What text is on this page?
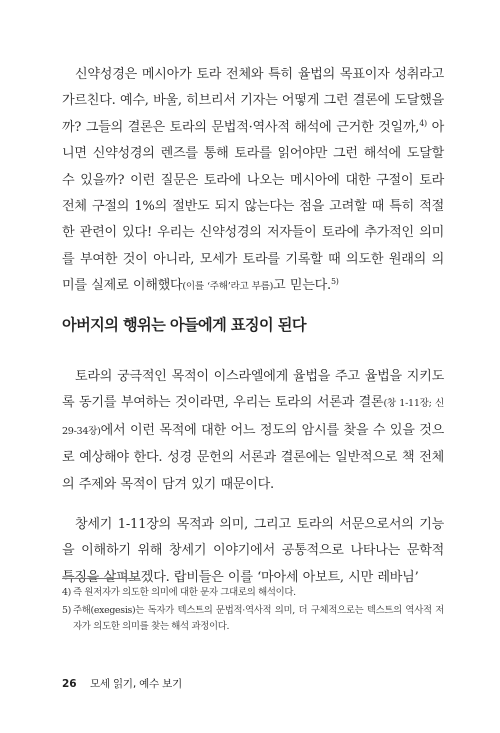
신약성경은 메시아가 토라 전체와 특히 율법의 목표이자 성취라고 가르친다. 예수, 바울, 히브리서 기자는 어떻게 그런 결론에 도달했을까? 그들의 결론은 토라의 문법적·역사적 해석에 근거한 것일까,$^{4)}$ 아니면 신약성경의 렌즈를 통해 토라를 읽어야만 그런 해석에 도달할 수 있을까? 이런 질문은 토라에 나오는 메시아에 대한 구절이 토라 전체 구절의 1%의 절반도 되지 않는다는 점을 고려할 때 특히 적절한 관련이 있다! 우리는 신약성경의 저자들이 토라에 추가적인 의미를 부여한 것이 아니라, 모세가 토라를 기록할 때 의도한 원래의 의미를 실제로 이해했다(이를 ‘주해’라고 부름)고 믿는다.$^{5)}$

아버지의 행위는 아들에게 표징이 된다

토라의 궁극적인 목적이 이스라엘에게 율법을 주고 율법을 지키도록 동기를 부여하는 것이라면, 우리는 토라의 서론과 결론(창 1-11장; 신 29-34장)에서 이런 목적에 대한 어느 정도의 암시를 찾을 수 있을 것으로 예상해야 한다. 성경 문헌의 서론과 결론에는 일반적으로 책 전체의 주제와 목적이 담겨 있기 때문이다.

창세기 1-11장의 목적과 의미, 그리고 토라의 서문으로서의 기능을 이해하기 위해 창세기 이야기에서 공통적으로 나타나는 문학적 특징을 살펴보겠다. 랍비들은 이를 ‘마아세 아보트, 시만 레바님’

4) 즉 원저자가 의도한 의미에 대한 문자 그대로의 해석이다.
5) 주해(exegesis)는 독자가 텍스트의 문법적·역사적 의미, 더 구체적으로는 텍스트의 역사적 저자가 의도한 의미를 찾는 해석 과정이다.
26 모세 읽기, 예수 보기
